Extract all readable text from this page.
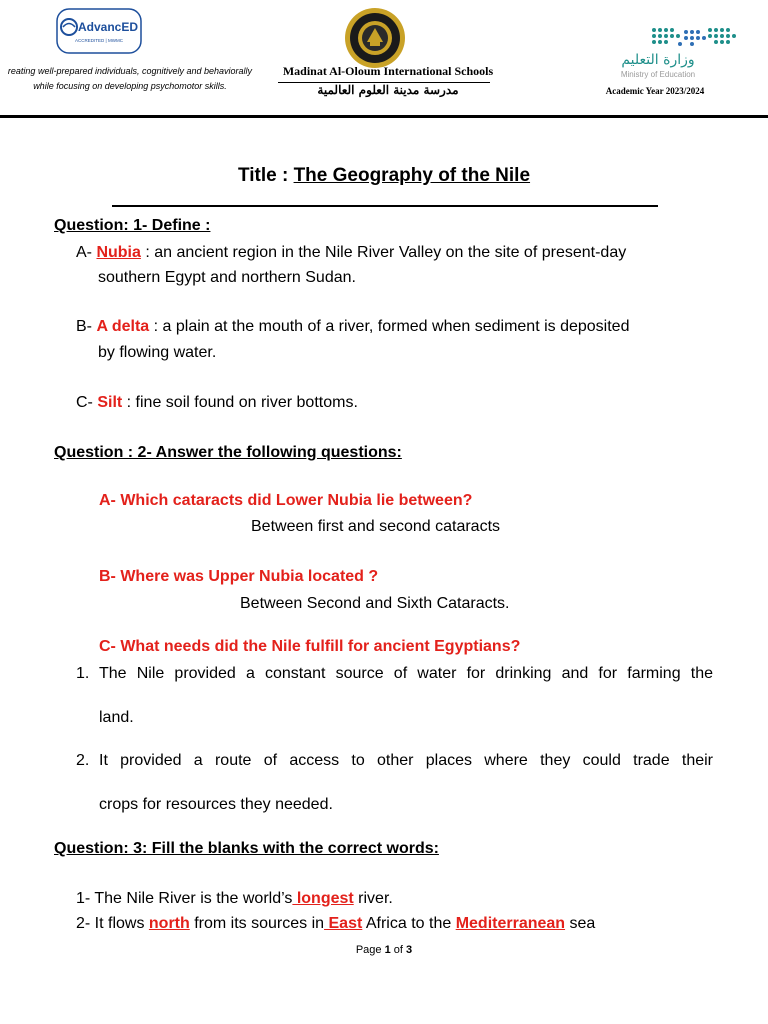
AdvancED
ACCREDITED | MWMC
reating well-prepared individuals, cognitively and behaviorally
while focusing on developing psychomotor skills.
Madinat Al-Oloum International Schools
مدرسة مدينة العلوم العالمية
وزارة التعليم
Ministry of Education
Academic Year 2023/2024
Title : The Geography of the Nile
Question: 1- Define :
A- Nubia : an ancient region in the Nile River Valley on the site of present-day
southern Egypt and northern Sudan.
B- A delta : a plain at the mouth of a river, formed when sediment is deposited
by flowing water.
C- Silt : fine soil found on river bottoms.
Question : 2- Answer the following questions:
A- Which cataracts did Lower Nubia lie between?
Between first and second cataracts
B- Where was Upper Nubia located ?
Between Second and Sixth Cataracts.
C- What needs did the Nile fulfill for ancient Egyptians?
1. The Nile provided a constant source of water for drinking and for farming the
land.
2. It provided a route of access to other places where they could trade their
crops for resources they needed.
Question: 3: Fill the blanks with the correct words:
1- The Nile River is the world’s longest river.
2- It flows north from its sources in East Africa to the Mediterranean sea
Page 1 of 3
